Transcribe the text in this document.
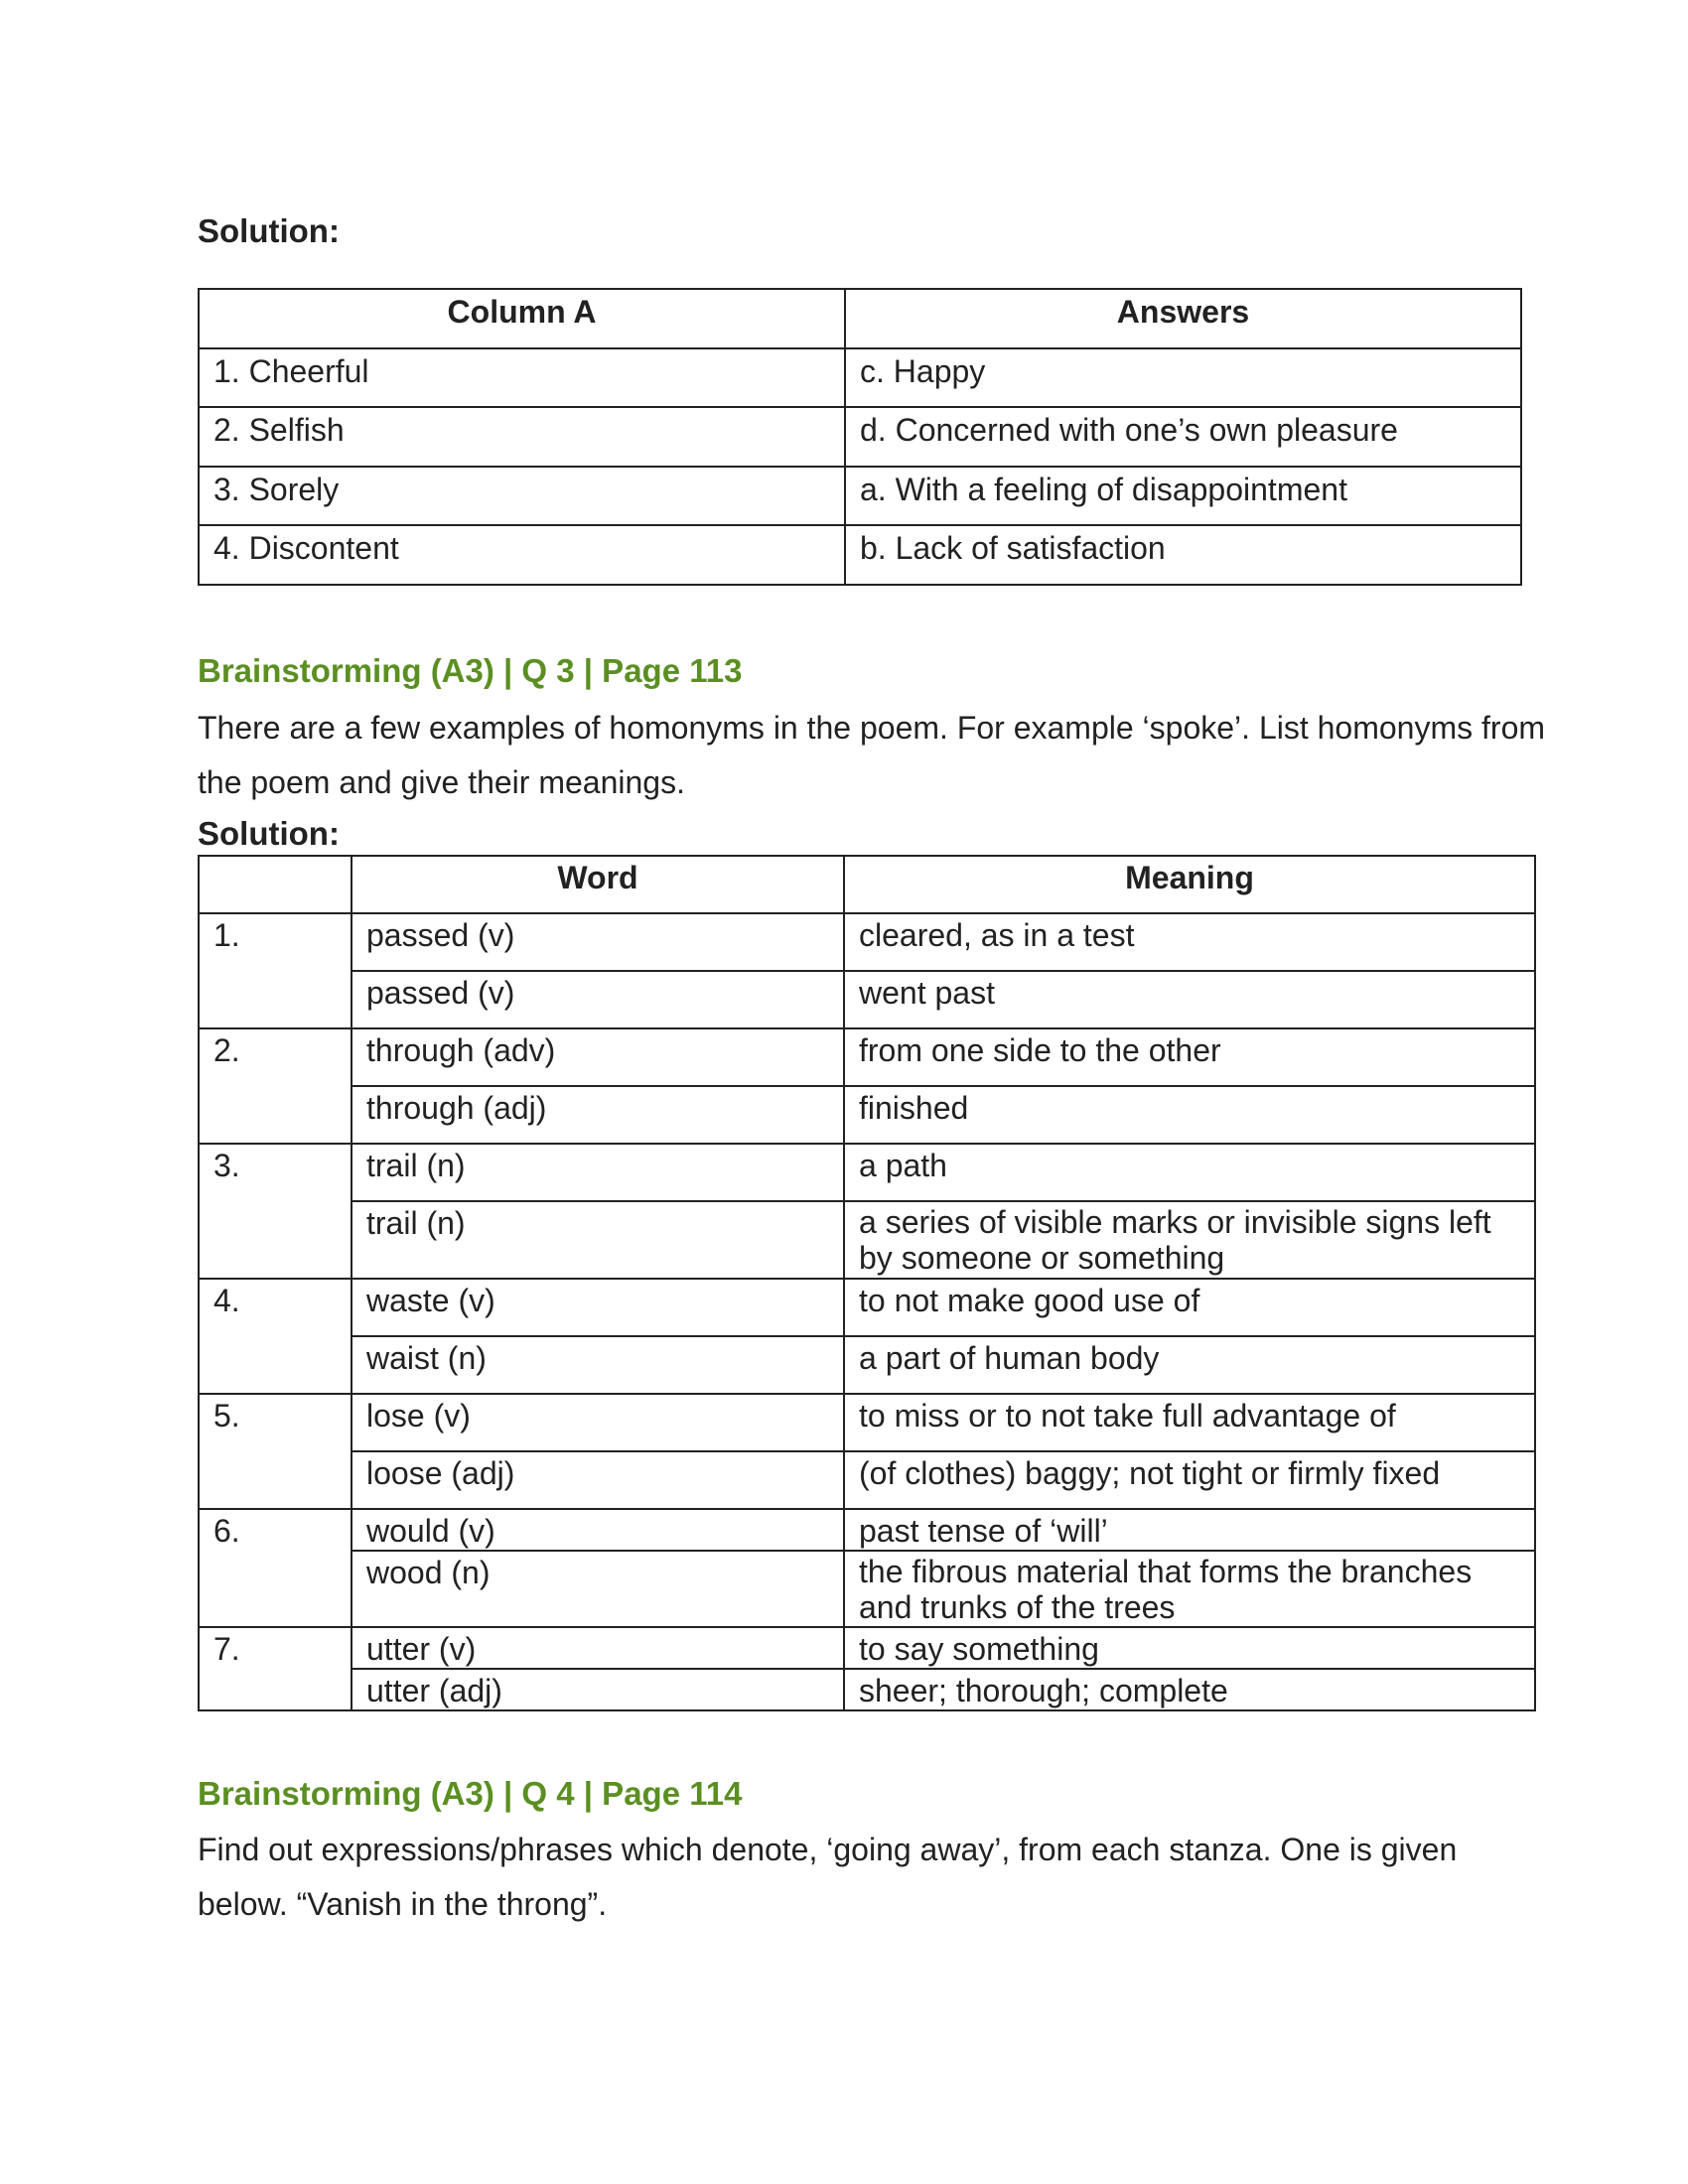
Solution:

Column A	Answers
1. Cheerful	c. Happy
2. Selfish	d. Concerned with one’s own pleasure
3. Sorely	a. With a feeling of disappointment
4. Discontent	b. Lack of satisfaction

Brainstorming (A3) | Q 3 | Page 113

There are a few examples of homonyms in the poem. For example ‘spoke’. List homonyms from the poem and give their meanings.

Solution:

	Word	Meaning
1.	passed (v)	cleared, as in a test
	passed (v)	went past
2.	through (adv)	from one side to the other
	through (adj)	finished
3.	trail (n)	a path
	trail (n)	a series of visible marks or invisible signs left by someone or something
4.	waste (v)	to not make good use of
	waist (n)	a part of human body
5.	lose (v)	to miss or to not take full advantage of
	loose (adj)	(of clothes) baggy; not tight or firmly fixed
6.	would (v)	past tense of ‘will’
	wood (n)	the fibrous material that forms the branches and trunks of the trees
7.	utter (v)	to say something
	utter (adj)	sheer; thorough; complete

Brainstorming (A3) | Q 4 | Page 114

Find out expressions/phrases which denote, ‘going away’, from each stanza. One is given below. “Vanish in the throng”.
